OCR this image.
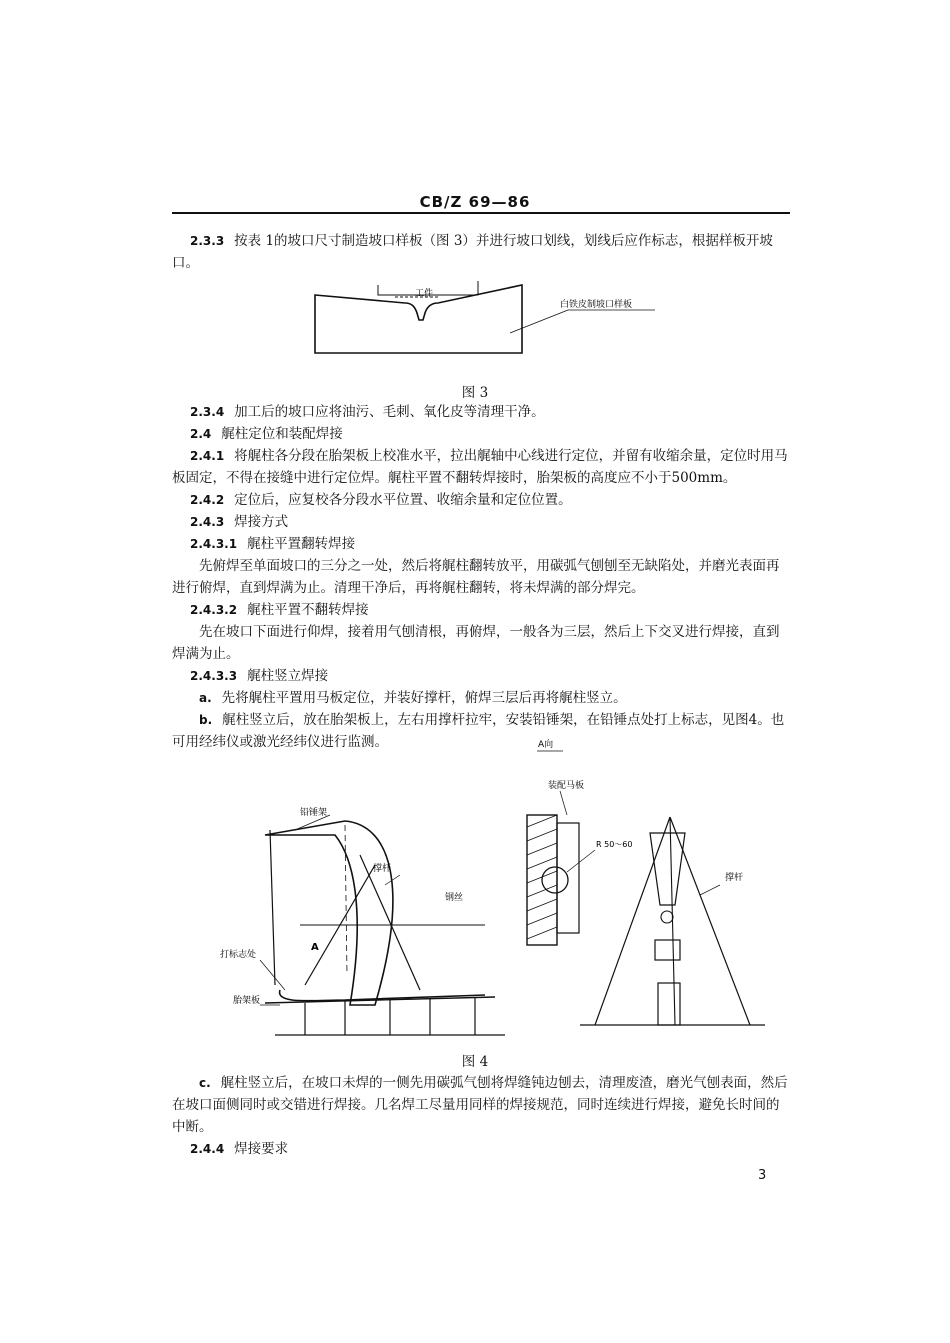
CB/Z 69—86

2.3.3 按表 1的坡口尺寸制造坡口样板（图 3）并进行坡口划线，划线后应作标志，根据样板开坡口。

工件
白铁皮制坡口样板
图 3

2.3.4 加工后的坡口应将油污、毛刺、氧化皮等清理干净。

2.4 艉柱定位和装配焊接

2.4.1 将艉柱各分段在胎架板上校准水平，拉出艉轴中心线进行定位，并留有收缩余量，定位时用马板固定，不得在接缝中进行定位焊。艉柱平置不翻转焊接时，胎架板的高度应不小于500mm。

2.4.2 定位后，应复校各分段水平位置、收缩余量和定位位置。

2.4.3 焊接方式

2.4.3.1 艉柱平置翻转焊接

先俯焊至单面坡口的三分之一处，然后将艉柱翻转放平，用碳弧气刨刨至无缺陷处，并磨光表面再进行俯焊，直到焊满为止。清理干净后，再将艉柱翻转，将未焊满的部分焊完。

2.4.3.2 艉柱平置不翻转焊接

先在坡口下面进行仰焊，接着用气刨清根，再俯焊，一般各为三层，然后上下交叉进行焊接，直到焊满为止。

2.4.3.3 艉柱竖立焊接

a. 先将艉柱平置用马板定位，并装好撑杆，俯焊三层后再将艉柱竖立。

b. 艉柱竖立后，放在胎架板上，左右用撑杆拉牢，安装铅锤架，在铅锤点处打上标志，见图4。也可用经纬仪或激光经纬仪进行监测。

铅锤架
撑杆
钢丝
A
打标志处
胎架板
A向
装配马板
R 50～60
撑杆
图 4

c. 艉柱竖立后，在坡口未焊的一侧先用碳弧气刨将焊缝钝边刨去，清理废渣，磨光气刨表面，然后在坡口面侧同时或交错进行焊接。几名焊工尽量用同样的焊接规范，同时连续进行焊接，避免长时间的中断。

2.4.4 焊接要求

3
